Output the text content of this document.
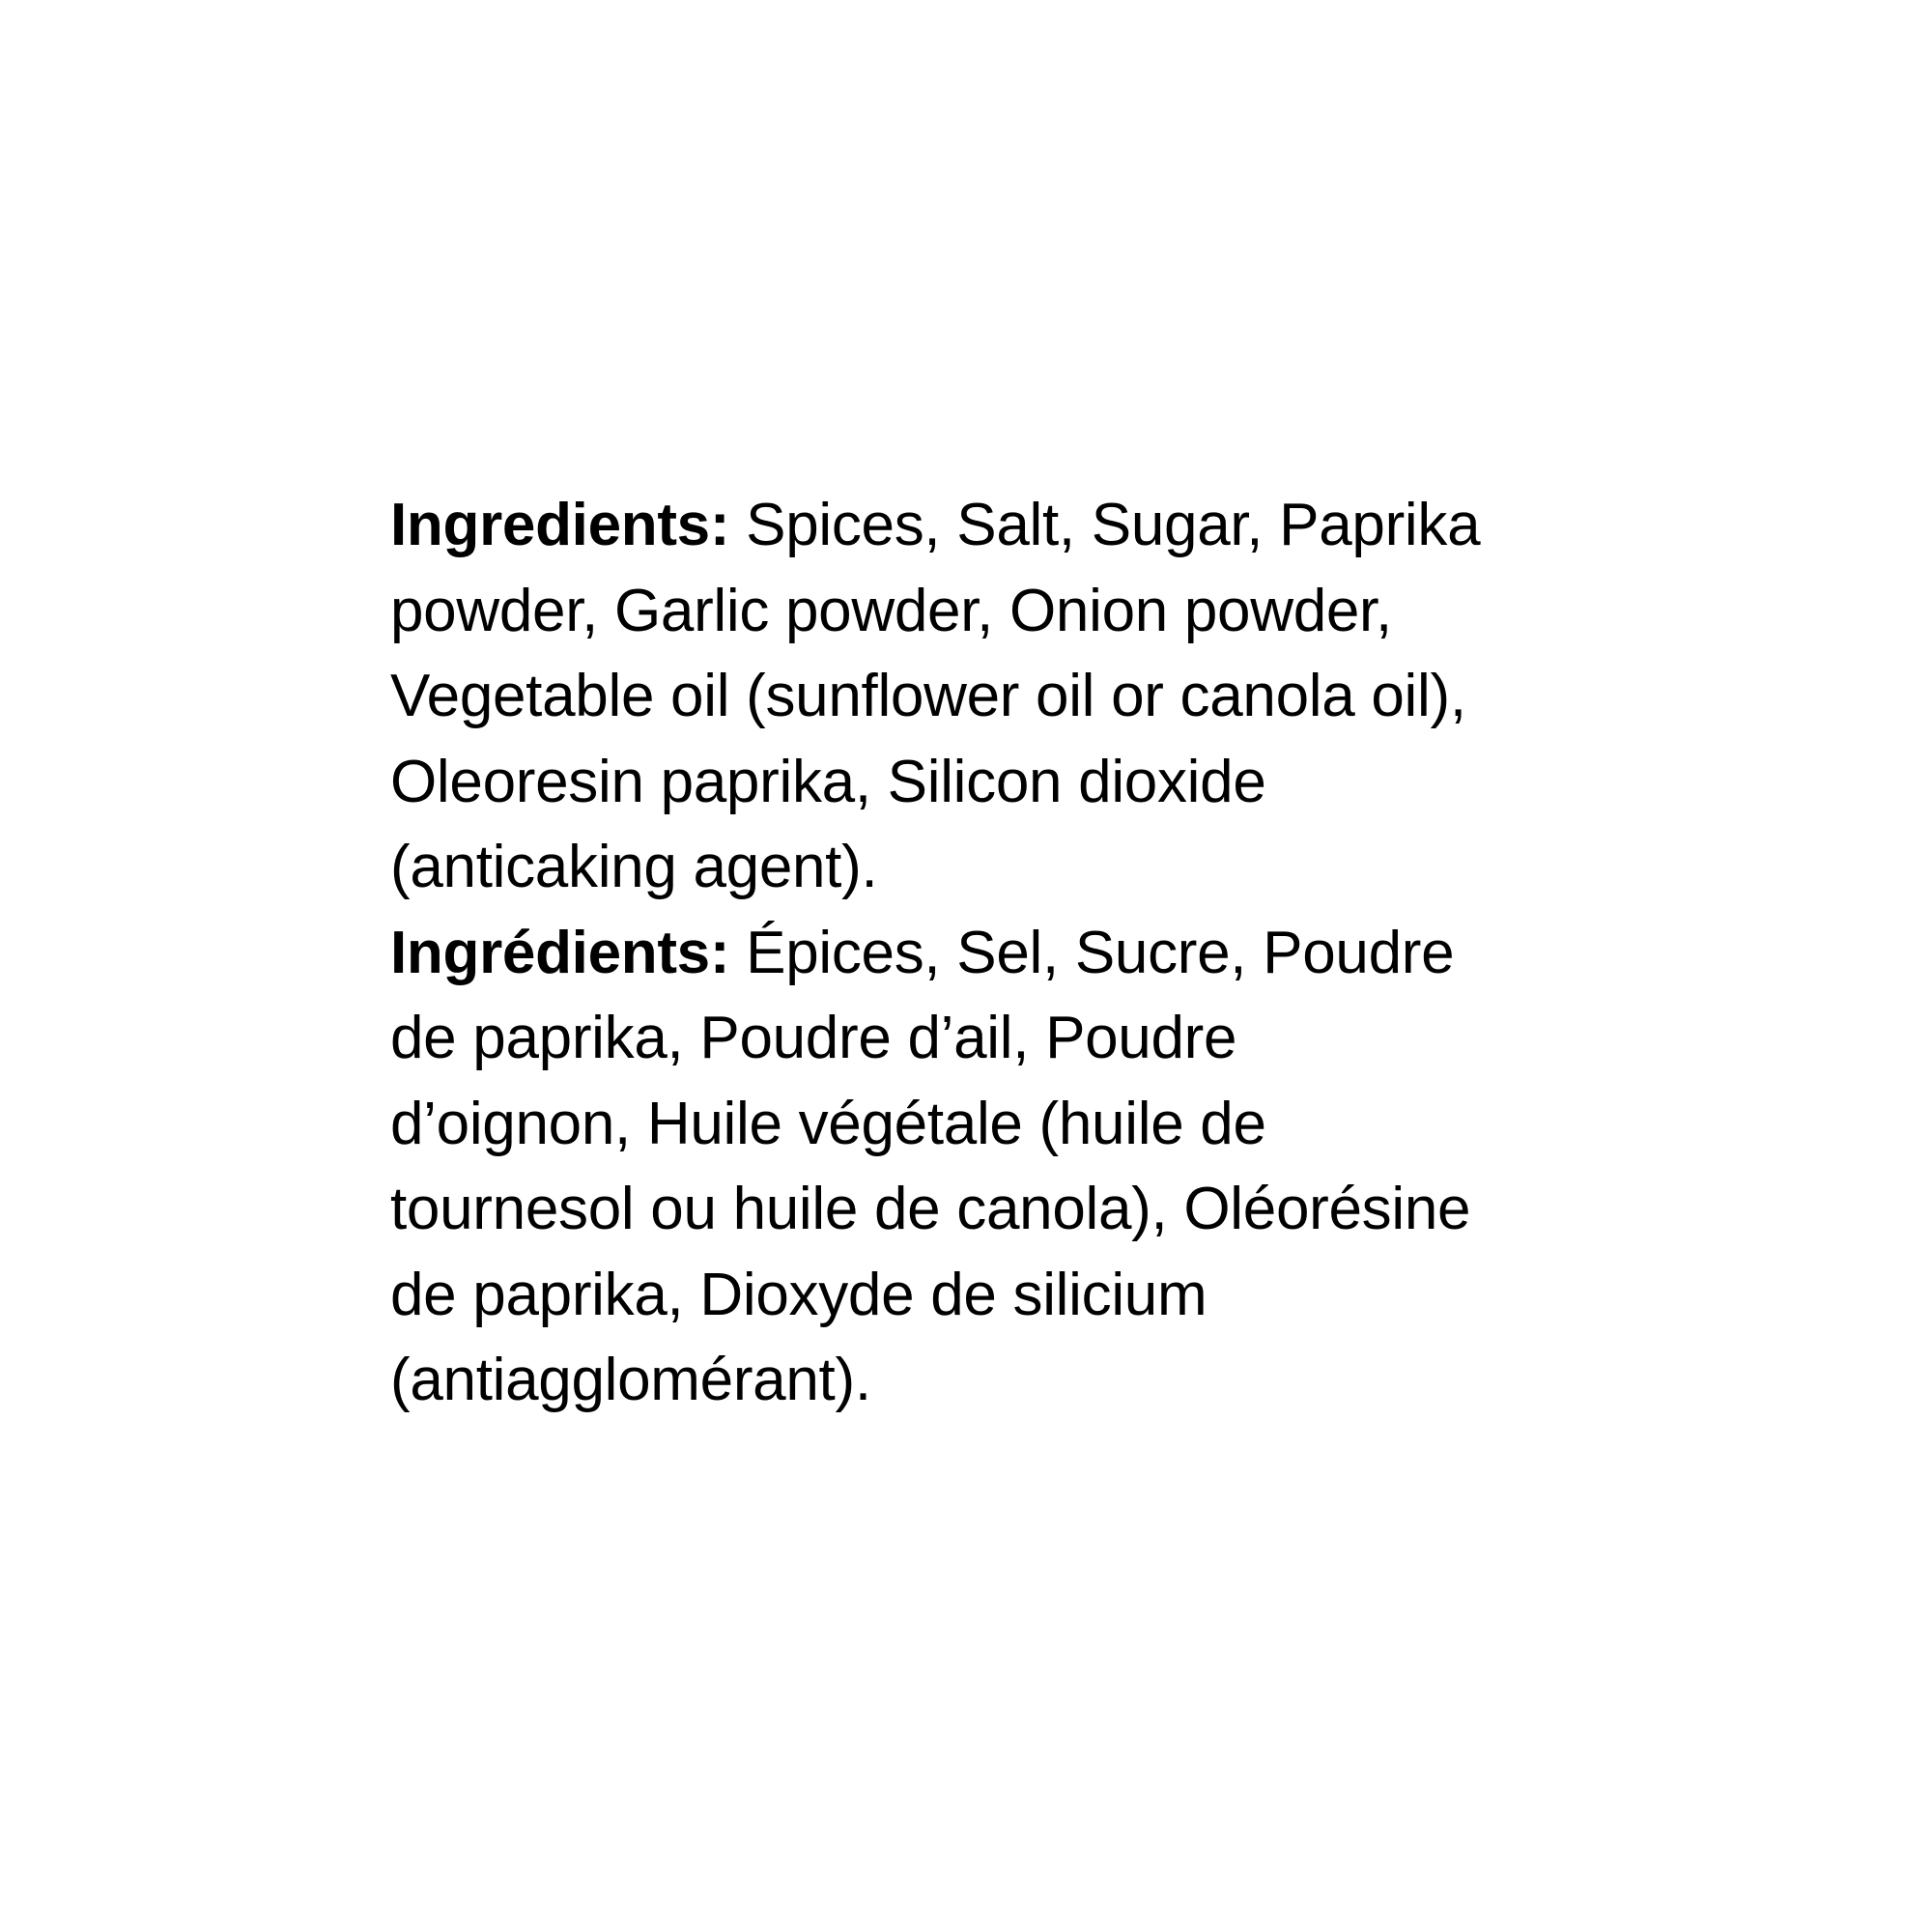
Ingredients: Spices, Salt, Sugar, Paprika
powder, Garlic powder, Onion powder,
Vegetable oil (sunflower oil or canola oil),
Oleoresin paprika, Silicon dioxide
(anticaking agent).
Ingrédients: Épices, Sel, Sucre, Poudre
de paprika, Poudre d’ail, Poudre
d’oignon, Huile végétale (huile de
tournesol ou huile de canola), Oléorésine
de paprika, Dioxyde de silicium
(antiagglomérant).
